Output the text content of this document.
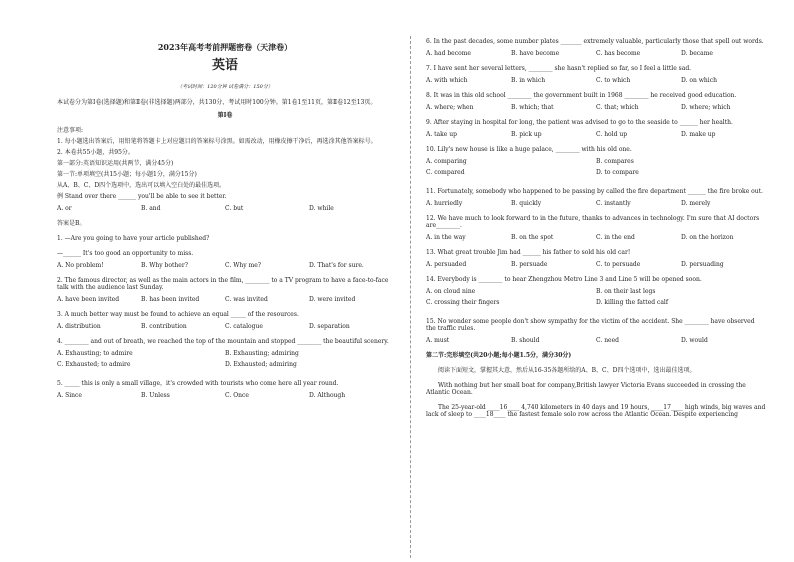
2023年高考考前押题密卷（天津卷）
英语
（考试时间：120分钟 试卷满分：150分）
本试卷分为第Ⅰ卷(选择题)和第Ⅱ卷(非选择题)两部分，共130分，考试用时100分钟。第1卷1至11页，第Ⅱ卷12至13页。
第Ⅰ卷
注意事项:
1. 每小题选出答案后，用铅笔将答题卡上对应题目的答案标号涂黑。如需改动，用橡皮擦干净后，再选涂其他答案标号。
2. 本卷共55小题，共95分。
第一部分:英语知识运用(共两节，满分45分)
第一节:单项填空(共15小题；每小题1分，满分15分)
从A、B、C、D四个选项中，选出可以填入空白处的最佳选项。
例 Stand over there ______ you'll be able to see it better.
A. or	B. and	C. but	D. while
答案是B。
1. —Are you going to have your article published?
—______ It's too good an opportunity to miss.
A. No problem!	B. Why bother?	C. Why me?	D. That's for sure.
2. The famous director, as well as the main actors in the film, ________ to a TV program to have a face-to-face talk with the audience last Sunday.
A. have been invited	B. has been invited	C. was invited	D. were invited
3. A much better way must be found to achieve an equal _____ of the resources.
A. distribution	B. contribution	C. catalogue	D. separation
4. ________ and out of breath, we reached the top of the mountain and stopped ________ the beautiful scenery.
A. Exhausting; to admire	B. Exhausting; admiring
C. Exhausted; to admire	D. Exhausted; admiring
5. _____ this is only a small village，it's crowded with tourists who come here all year round.
A. Since	B. Unless	C. Once	D. Although
6. In the past decades, some number plates _______ extremely valuable, particularly those that spell out words.
A. had become	B. have become	C. has become	D. became
7. I have sent her several letters, ________ she hasn't replied so far, so I feel a little sad.
A. with which	B. in which	C. to which	D. on which
8. It was in this old school ________ the government built in 1968 ________ he received good education.
A. where; when	B. which; that	C. that; which	D. where; which
9. After staying in hospital for long, the patient was advised to go to the seaside to ______ her health.
A. take up	B. pick up	C. hold up	D. make up
10. Lily's new house is like a huge palace, ________ with his old one.
A. comparing	B. compares
C. compared	D. to compare
11. Fortunately, somebody who happened to be passing by called the fire department ______ the fire broke out.
A. hurriedly	B. quickly	C. instantly	D. merely
12. We have much to look forward to in the future, thanks to advances in technology. I'm sure that AI doctors are________.
A. in the way	B. on the spot	C. in the end	D. on the horizon
13. What great trouble Jim had ______ his father to sold his old car!
A. persuaded	B. persuade	C. to persuade	D. persuading
14. Everybody is ________ to hear Zhengzhou Metro Line 3 and Line 5 will be opened soon.
A. on cloud nine	B. on their last legs
C. crossing their fingers	D. killing the fatted calf
15. No wonder some people don't show sympathy for the victim of the accident. She ________ have observed the traffic rules.
A. must	B. should	C. need	D. would
第二节:完形填空(共20小题;每小题1.5分，满分30分)
阅读下面短文，掌握其大意，然后从16-35各题所给的A、B、C、D四个选项中，选出最佳选项。
With nothing but her small boat for company,British lawyer Victoria Evans succeeded in crossing the Atlantic Ocean.
The 25-year-old ____16____ 4,740 kilometers in 40 days and 19 hours, ____17____ high winds, big waves and lack of sleep to ____18____ the fastest female solo row across the Atlantic Ocean. Despite experiencing
